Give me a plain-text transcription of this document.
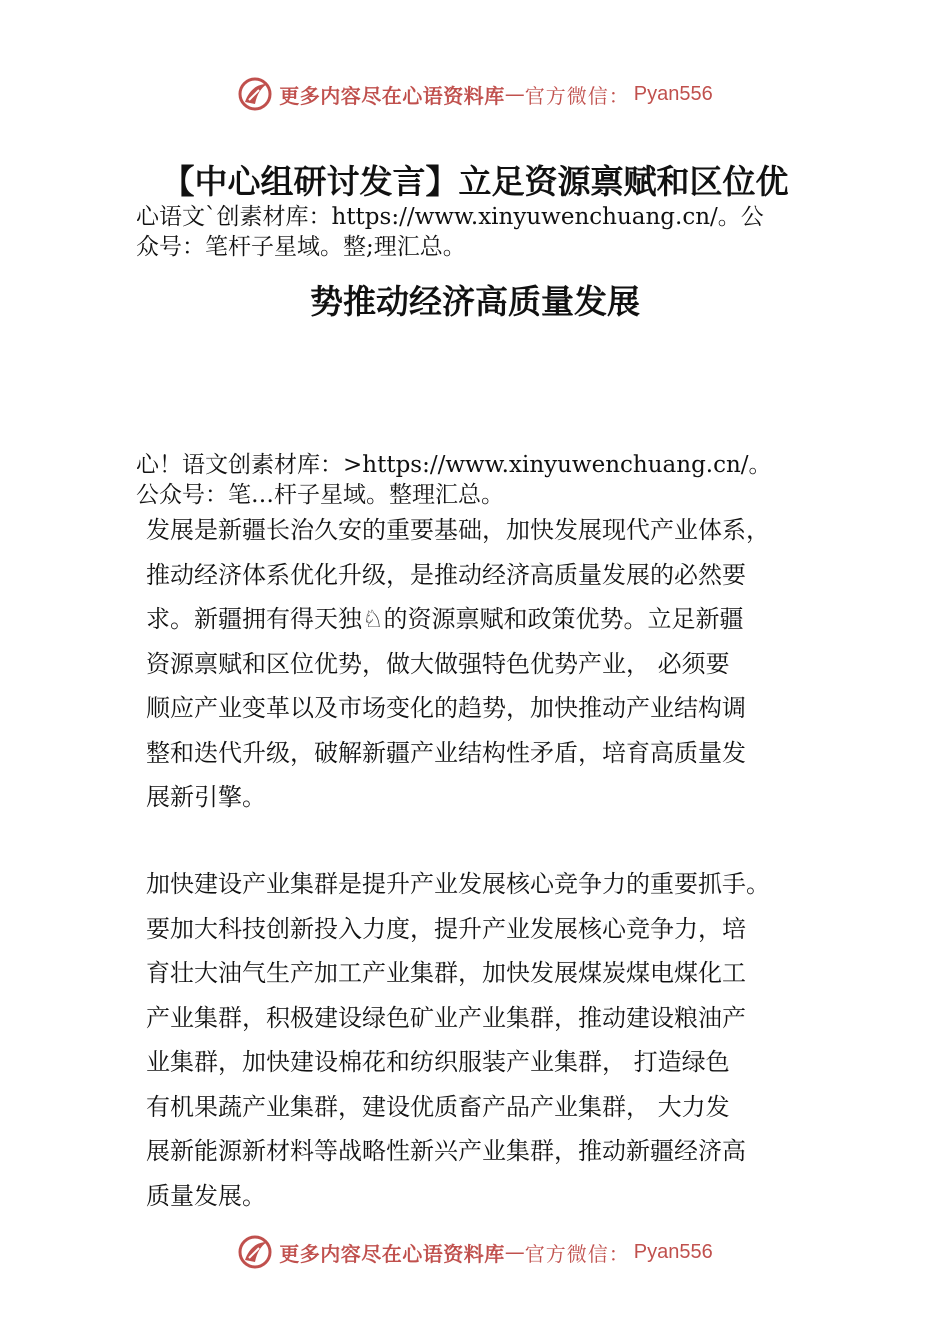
更多内容尽在心语资料库 — 官方微信： Pyan556
【中心组研讨发言】立足资源禀赋和区位优
心语文`创素材库：https://www.xinyuwenchuang.cn/。公
众号：笔杆子星域。整;理汇总。
势推动经济高质量发展
心！语文创素材库：>https://www.xinyuwenchuang.cn/。
公众号：笔…杆子星域。整理汇总。
发展是新疆长治久安的重要基础，加快发展现代产业体系，
推动经济体系优化升级，是推动经济高质量发展的必然要
求。新疆拥有得天独♘的资源禀赋和政策优势。立足新疆
资源禀赋和区位优势，做大做强特色优势产业， 必须要
顺应产业变革以及市场变化的趋势，加快推动产业结构调
整和迭代升级，破解新疆产业结构性矛盾，培育高质量发
展新引擎。
加快建设产业集群是提升产业发展核心竞争力的重要抓手。
要加大科技创新投入力度，提升产业发展核心竞争力，培
育壮大油气生产加工产业集群，加快发展煤炭煤电煤化工
产业集群，积极建设绿色矿业产业集群，推动建设粮油产
业集群，加快建设棉花和纺织服装产业集群， 打造绿色
有机果蔬产业集群，建设优质畜产品产业集群， 大力发
展新能源新材料等战略性新兴产业集群，推动新疆经济高
质量发展。
更多内容尽在心语资料库 — 官方微信： Pyan556
